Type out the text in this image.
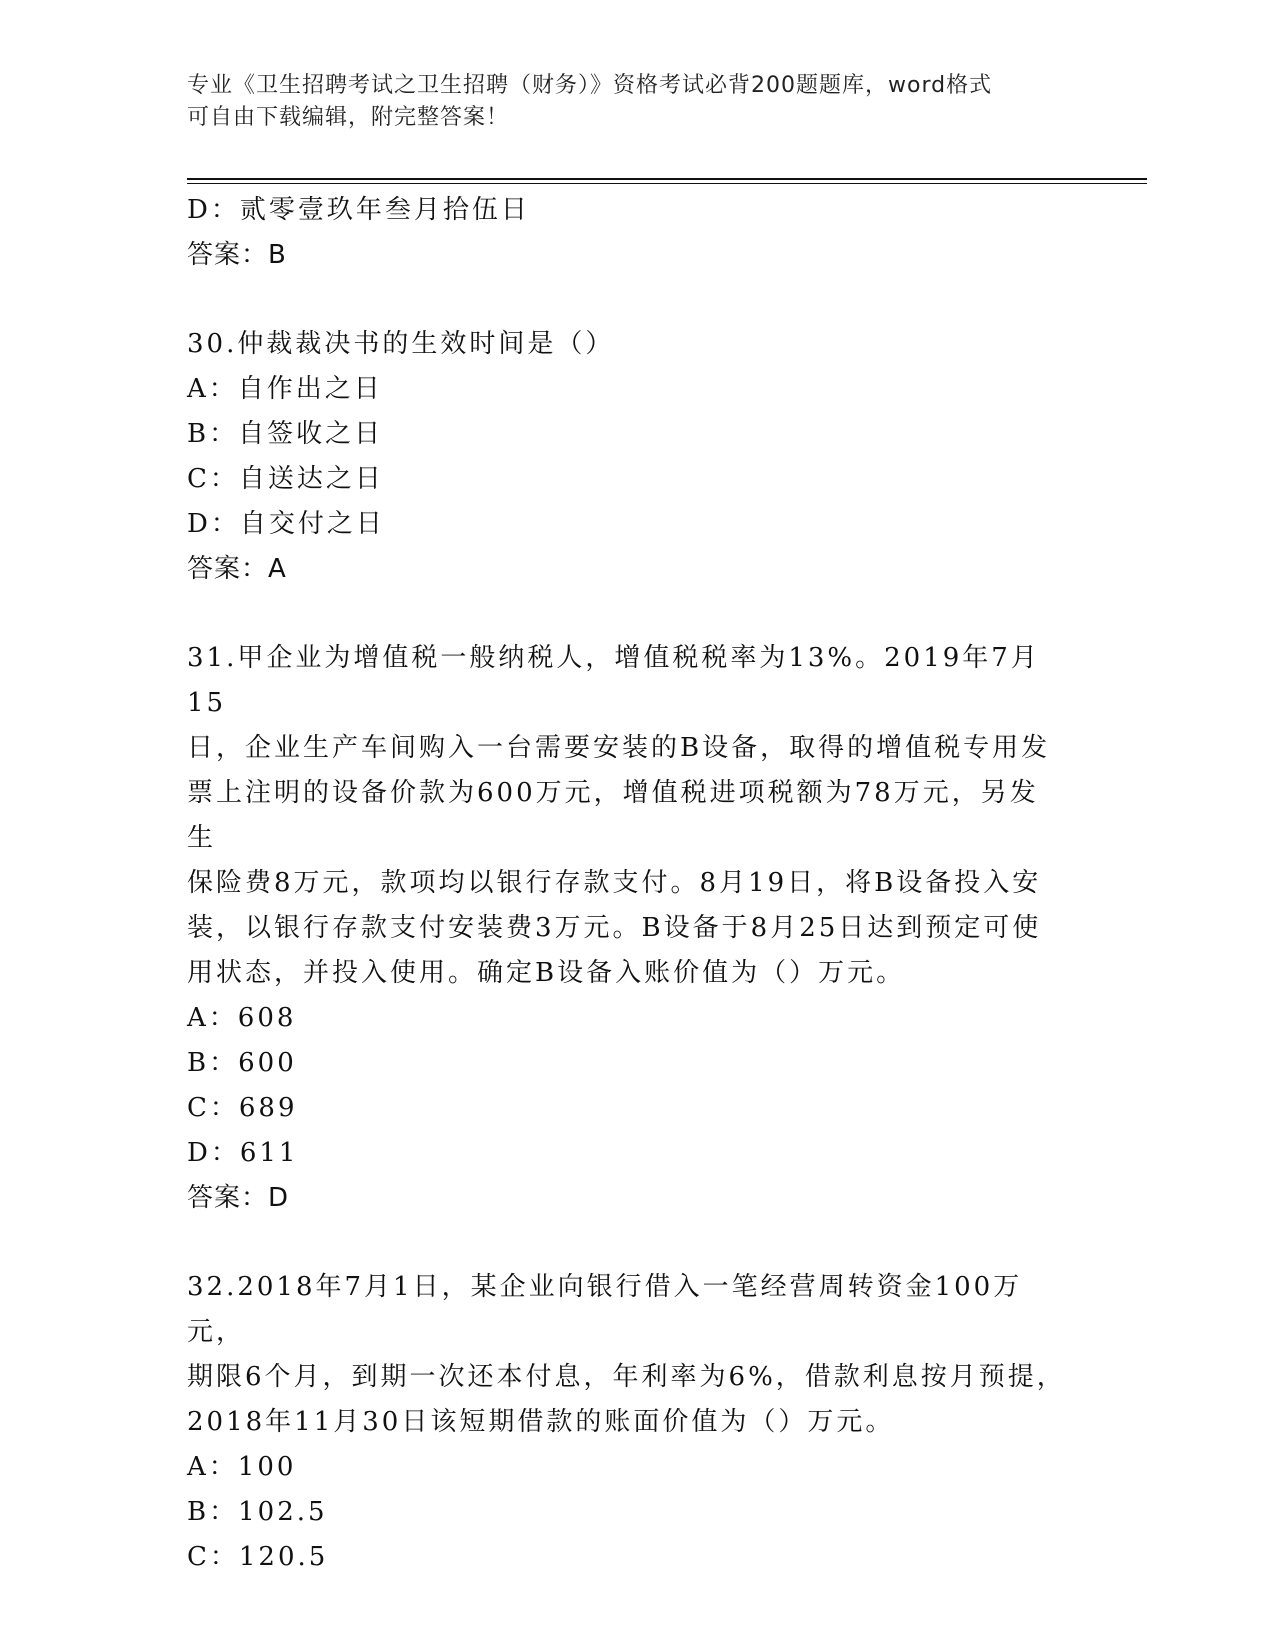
专业《卫生招聘考试之卫生招聘（财务）》资格考试必背200题题库，word格式
可自由下载编辑，附完整答案！

D：贰零壹玖年叁月拾伍日

答案：B

30.仲裁裁决书的生效时间是（）

A：自作出之日

B：自签收之日

C：自送达之日

D：自交付之日

答案：A

31.甲企业为增值税一般纳税人，增值税税率为13%。2019年7月15

日，企业生产车间购入一台需要安装的B设备，取得的增值税专用发

票上注明的设备价款为600万元，增值税进项税额为78万元，另发生

保险费8万元，款项均以银行存款支付。8月19日，将B设备投入安

装，以银行存款支付安装费3万元。B设备于8月25日达到预定可使

用状态，并投入使用。确定B设备入账价值为（）万元。

A：608

B：600

C：689

D：611

答案：D

32.2018年7月1日，某企业向银行借入一笔经营周转资金100万元，

期限6个月，到期一次还本付息，年利率为6%，借款利息按月预提，

2018年11月30日该短期借款的账面价值为（）万元。

A：100

B：102.5

C：120.5
